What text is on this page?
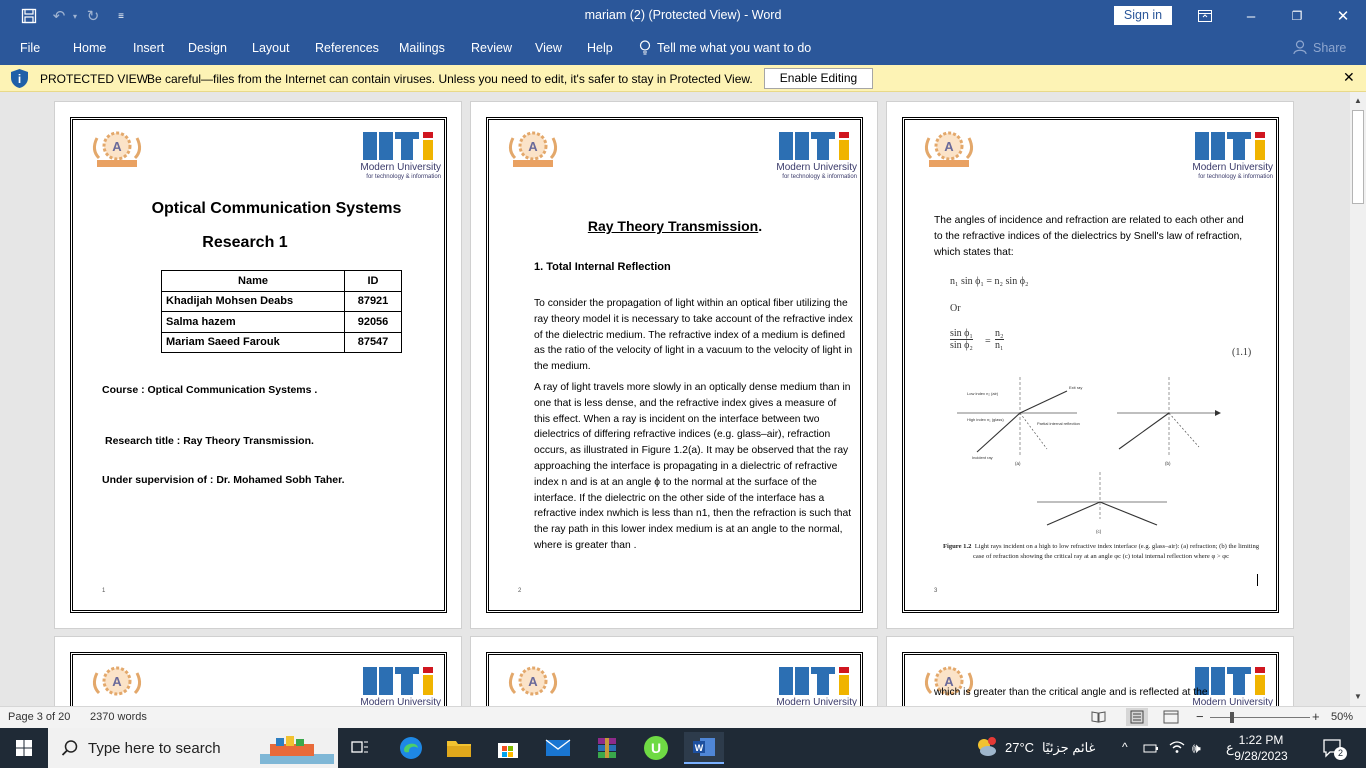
↶ ▾ ↻	≡	mariam (2) (Protected View) - Word	Sign in	–	❐	✕
File	Home Insert Design Layout References Mailings Review View Help	Tell me what you want to do	Share
i PROTECTED VIEW
Be careful—files from the Internet can contain viruses. Unless you need to edit, it's safer to stay in Protected View.	Enable Editing	✕
A
Modern University
for technology & information
Optical Communication Systems
Research 1
Name	ID
Khadijah Mohsen Deabs	87921
Salma hazem	92056
Mariam Saeed Farouk	87547
Course : Optical Communication Systems .
Research title : Ray Theory Transmission.
Under supervision of : Dr. Mohamed Sobh Taher.
1
A
Modern University
for technology & information
Ray Theory Transmission.
1. Total Internal Reflection
To consider the propagation of light within an optical fiber utilizing the ray theory model it is necessary to take account of the refractive index of the dielectric medium. The refractive index of a medium is defined as the ratio of the velocity of light in a vacuum to the velocity of light in the medium.
A ray of light travels more slowly in an optically dense medium than in one that is less dense, and the refractive index gives a measure of this effect. When a ray is incident on the interface between two dielectrics of differing refractive indices (e.g. glass–air), refraction occurs, as illustrated in Figure 1.2(a). It may be observed that the ray approaching the interface is propagating in a dielectric of refractive index n and is at an angle ϕ to the normal at the surface of the interface. If the dielectric on the other side of the interface has a refractive index nwhich is less than n1, then the refraction is such that the ray path in this lower index medium is at an angle to the normal, where is greater than .
2
A
Modern University
for technology & information
The angles of incidence and refraction are related to each other and to the refractive indices of the dielectrics by Snell's law of refraction, which states that:
n₁ sin ϕ₁ = n₂ sin ϕ₂
Or
$\frac{\text{sin ϕ₁}}{\text{sin ϕ₂}} = \frac{\text{n₂}}{\text{n₁}}$
(1.1)
Low index n₂ (air)
High index n₁ (glass)
Incident ray
Exit ray
Partial internal reflection
(a)	(b)
(c)
Figure 1.2 Light rays incident on a high to low refractive index interface (e.g. glass–air): (a) refraction; (b) the limiting case of refraction showing the critical ray at an angle φc (c) total internal reflection where φ > φc
3
A
Modern University
A
Modern University
A
Modern University
which is greater than the critical angle and is reflected at the
▲
▼
Page 3 of 20 2370 words	−	+ 50%
Type here to search	U	W	27°C غائم جزئيًا ^	🕪 ع 1:22 PM
9/28/2023	2
